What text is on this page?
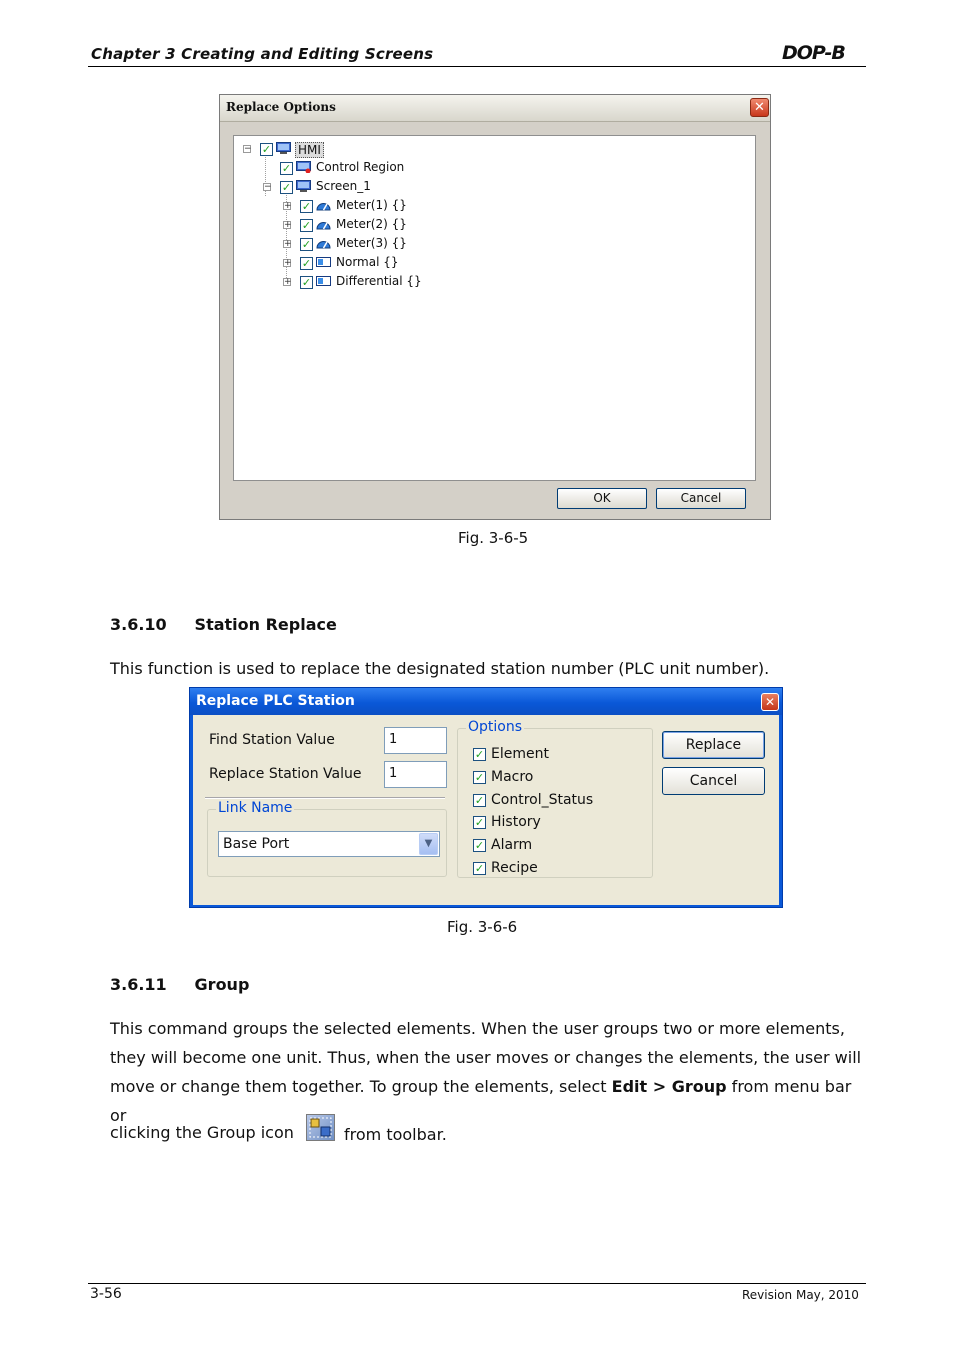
Chapter 3 Creating and Editing Screens	DOP-B
Replace Options	✕
− ✓ HMI
✓ Control Region
− ✓ Screen_1
+ ✓ Meter(1) {}
+ ✓ Meter(2) {}
+ ✓ Meter(3) {}
+ ✓ Normal {}
+ ✓ Differential {}
OK	Cancel
Fig. 3-6-5
3.6.10     Station Replace
This function is used to replace the designated station number (PLC unit number).
Replace PLC Station	✕
Find Station Value	1
Replace Station Value	1
Link Name
Base Port	▼
Options
✓ Element
✓ Macro
✓ Control_Status
✓ History
✓ Alarm
✓ Recipe
Replace
Cancel
Fig. 3-6-6
3.6.11     Group
This command groups the selected elements. When the user groups two or more elements, they will become one unit. Thus, when the user moves or changes the elements, the user will move or change them together. To group the elements, select Edit > Group from menu bar or
clicking the Group icon	from toolbar.
3-56	Revision May, 2010
